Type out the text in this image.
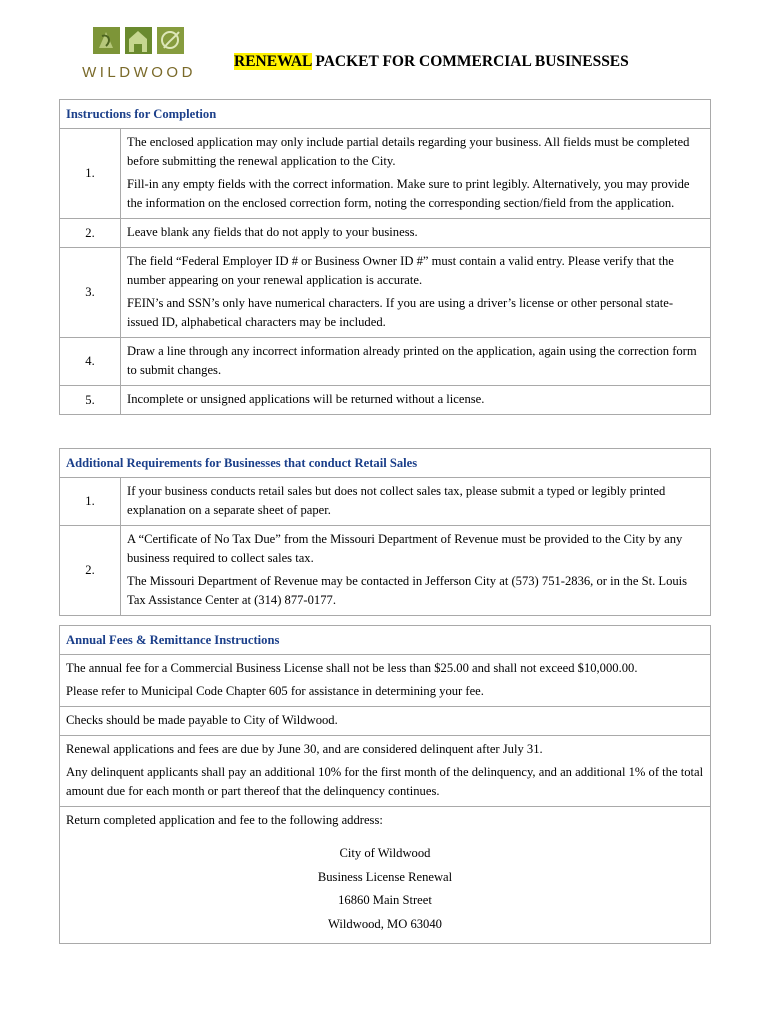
WILDWOOD
RENEWAL PACKET FOR COMMERCIAL BUSINESSES
Instructions for Completion	
1.	The enclosed application may only include partial details regarding your business. All fields must be completed before submitting the renewal application to the City.

Fill-in any empty fields with the correct information. Make sure to print legibly. Alternatively, you may provide the information on the enclosed correction form, noting the corresponding section/field from the application.

2.	Leave blank any fields that do not apply to your business.

3.	The field “Federal Employer ID # or Business Owner ID #” must contain a valid entry. Please verify that the number appearing on your renewal application is accurate.

FEIN’s and SSN’s only have numerical characters. If you are using a driver’s license or other personal state-issued ID, alphabetical characters may be included.

4.	Draw a line through any incorrect information already printed on the application, again using the correction form to submit changes.

5.	Incomplete or unsigned applications will be returned without a license.

Additional Requirements for Businesses that conduct Retail Sales	
1.	If your business conducts retail sales but does not collect sales tax, please submit a typed or legibly printed explanation on a separate sheet of paper.

2.	A “Certificate of No Tax Due” from the Missouri Department of Revenue must be provided to the City by any business required to collect sales tax.

The Missouri Department of Revenue may be contacted in Jefferson City at (573) 751-2836, or in the St. Louis Tax Assistance Center at (314) 877-0177.

Annual Fees & Remittance Instructions

The annual fee for a Commercial Business License shall not be less than $25.00 and shall not exceed $10,000.00.

Please refer to Municipal Code Chapter 605 for assistance in determining your fee.

Checks should be made payable to City of Wildwood.

Renewal applications and fees are due by June 30, and are considered delinquent after July 31.

Any delinquent applicants shall pay an additional 10% for the first month of the delinquency, and an additional 1% of the total amount due for each month or part thereof that the delinquency continues.

Return completed application and fee to the following address:

City of Wildwood
Business License Renewal
16860 Main Street
Wildwood, MO 63040
